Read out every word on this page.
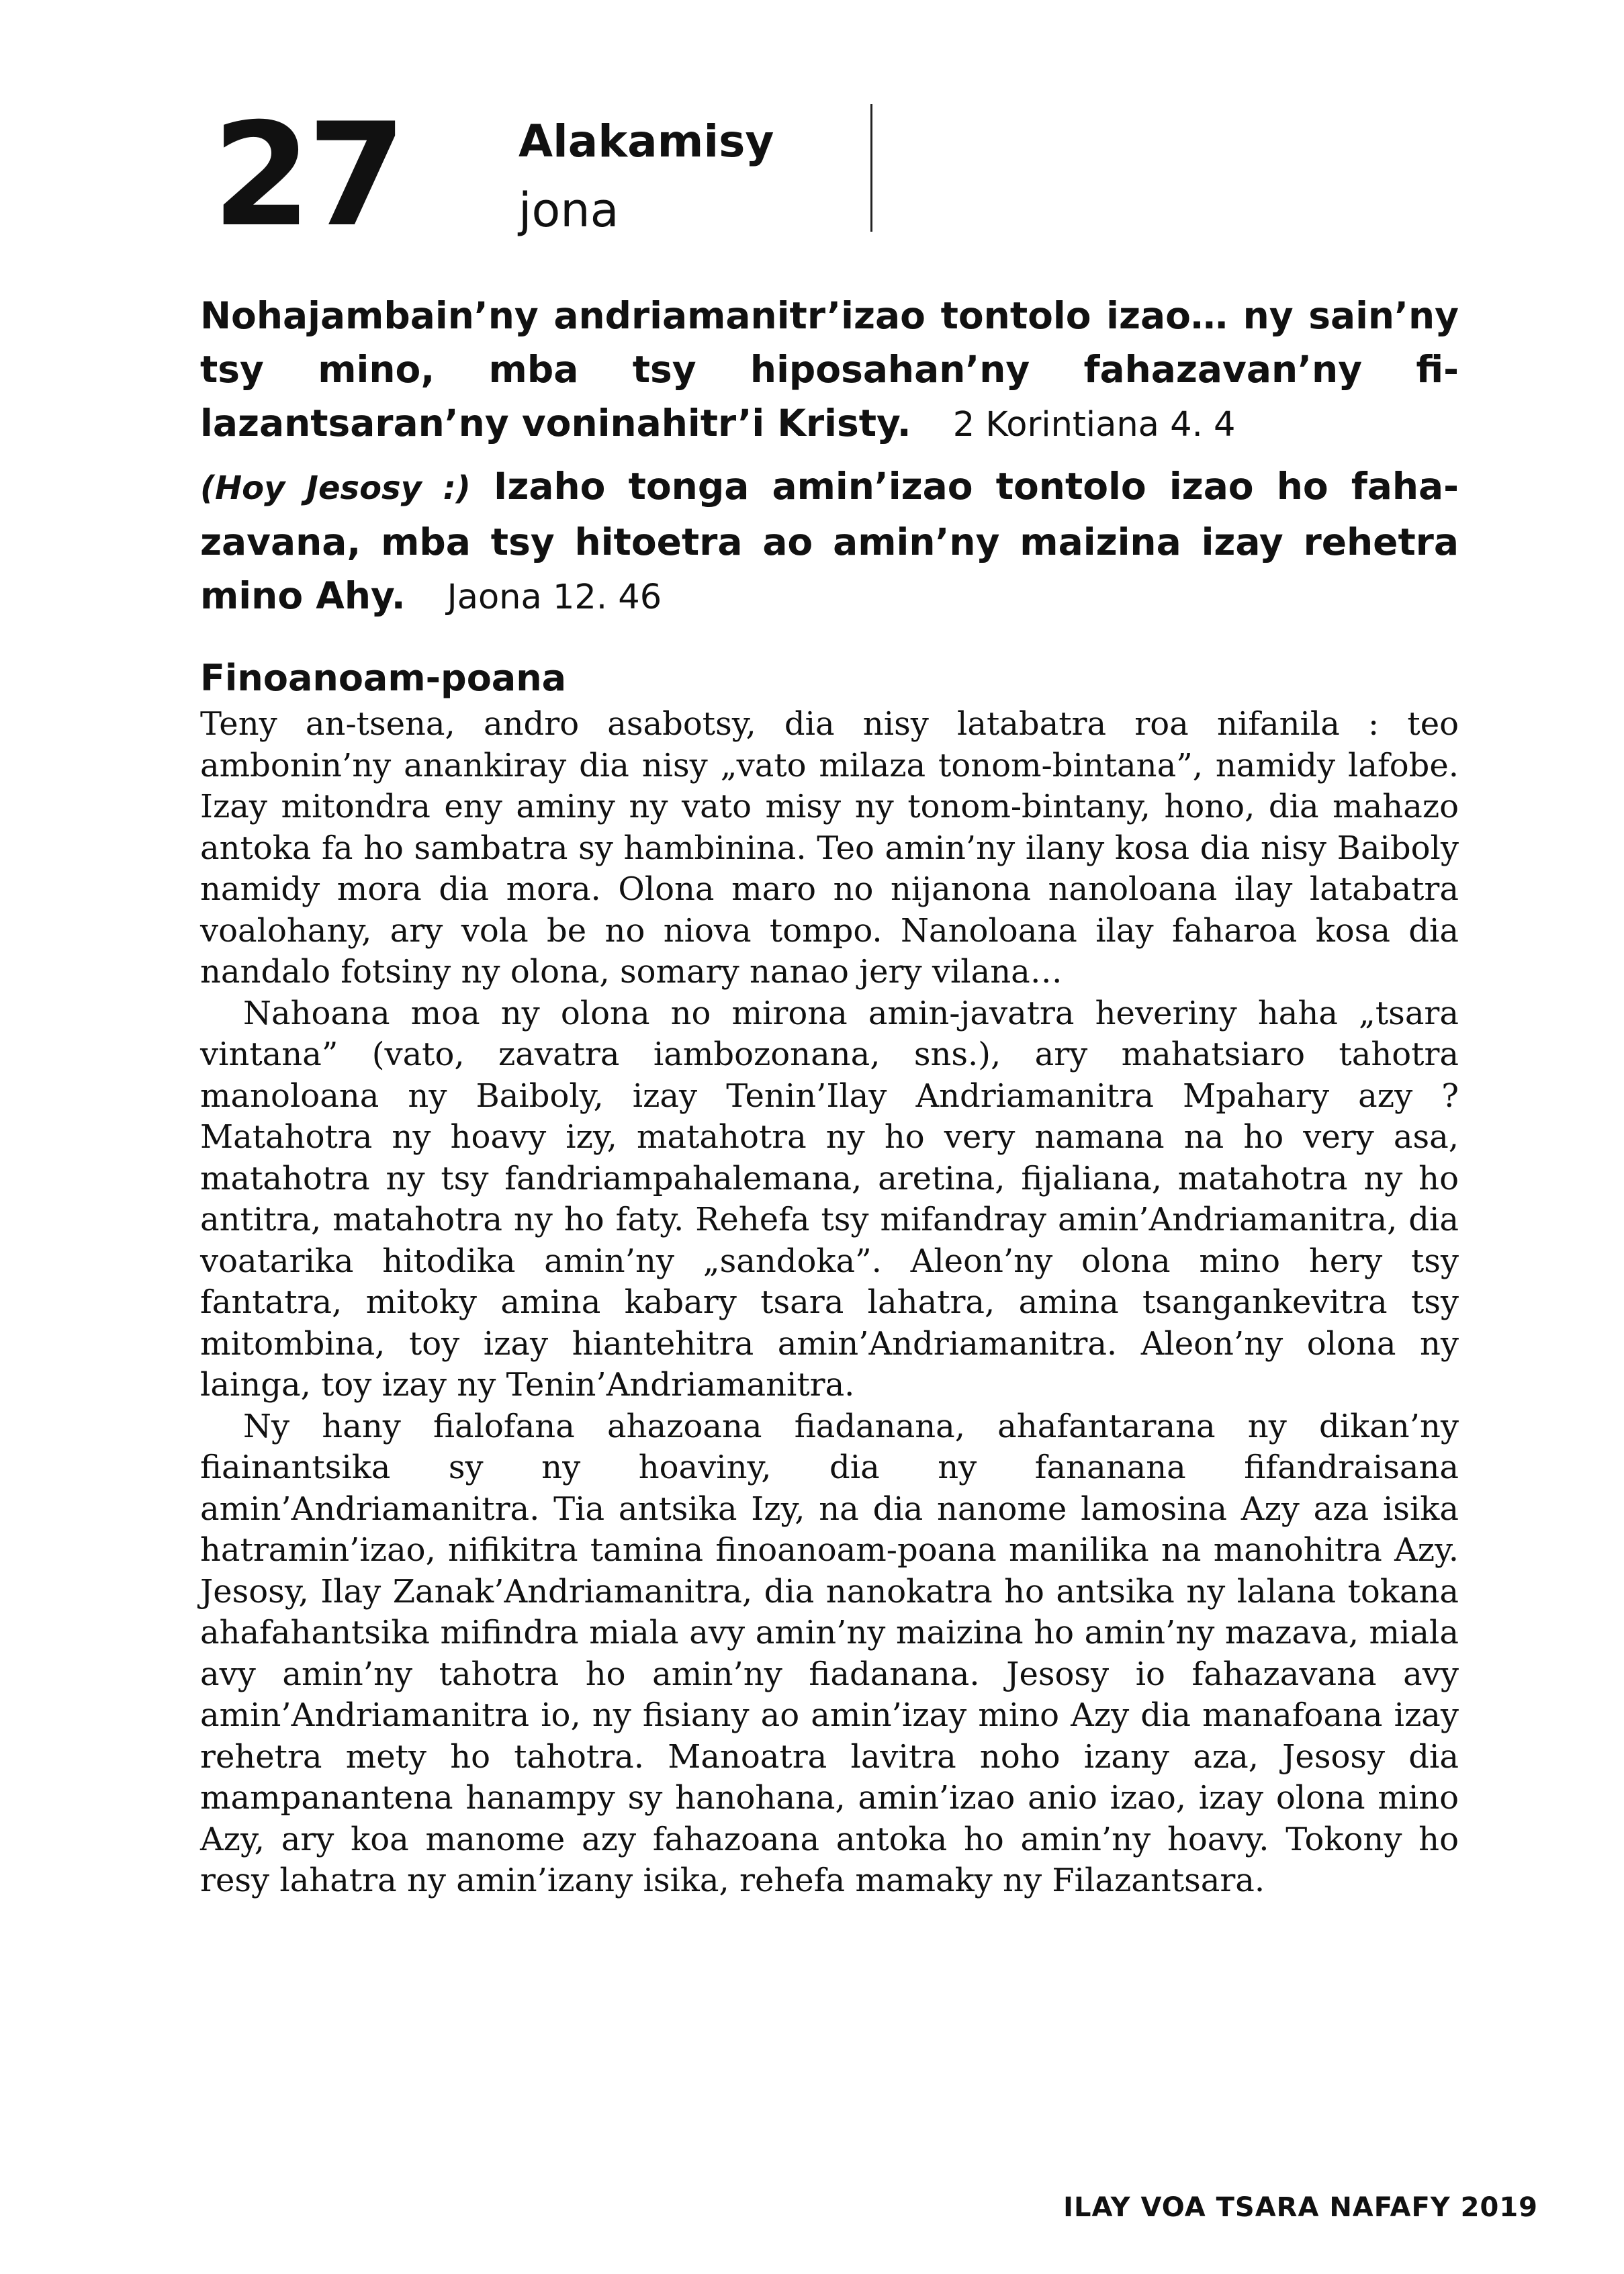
27	Alakamisy
jona
Nohajambain’ny andriamanitr’izao tontolo izao… ny sain’ny tsy mino, mba tsy hiposahan’ny fahazavan’ny filazantsaran’ny voninahitr’i Kristy. 2 Korintiana 4. 4
(Hoy Jesosy :) Izaho tonga amin’izao tontolo izao ho fahazavana, mba tsy hitoetra ao amin’ny maizina izay rehetra mino Ahy. Jaona 12. 46
Finoanoam-poana

Teny an-tsena, andro asabotsy, dia nisy latabatra roa nifanila : teo ambonin’ny anankiray dia nisy „vato milaza tonom-bintana”, namidy lafobe. Izay mitondra eny aminy ny vato misy ny tonom-bintany, hono, dia mahazo antoka fa ho sambatra sy hambinina. Teo amin’ny ilany kosa dia nisy Baiboly namidy mora dia mora. Olona maro no nijanona nanoloana ilay latabatra voalohany, ary vola be no niova tompo. Nanoloana ilay faharoa kosa dia nandalo fotsiny ny olona, somary nanao jery vilana…

Nahoana moa ny olona no mirona amin-javatra heveriny haha „tsara vintana” (vato, zavatra iambozonana, sns.), ary mahatsiaro tahotra manoloana ny Baiboly, izay Tenin’Ilay Andriamanitra Mpahary azy ? Matahotra ny hoavy izy, matahotra ny ho very namana na ho very asa, matahotra ny tsy fandriampahalemana, aretina, fijaliana, matahotra ny ho antitra, matahotra ny ho faty. Rehefa tsy mifandray amin’Andriamanitra, dia voatarika hitodika amin’ny „sandoka”. Aleon’ny olona mino hery tsy fantatra, mitoky amina kabary tsara lahatra, amina tsangankevitra tsy mitombina, toy izay hiantehitra amin’Andriamanitra. Aleon’ny olona ny lainga, toy izay ny Tenin’Andriamanitra.

Ny hany fialofana ahazoana fiadanana, ahafantarana ny dikan’ny fiainantsika sy ny hoaviny, dia ny fananana fifandraisana amin’Andriamanitra. Tia antsika Izy, na dia nanome lamosina Azy aza isika hatramin’izao, nifikitra tamina finoanoam-poana manilika na manohitra Azy. Jesosy, Ilay Zanak’Andriamanitra, dia nanokatra ho antsika ny lalana tokana ahafahantsika mifindra miala avy amin’ny maizina ho amin’ny mazava, miala avy amin’ny tahotra ho amin’ny fiadanana. Jesosy io fahazavana avy amin’Andriamanitra io, ny fisiany ao amin’izay mino Azy dia manafoana izay rehetra mety ho tahotra. Manoatra lavitra noho izany aza, Jesosy dia mampanantena hanampy sy hanohana, amin’izao anio izao, izay olona mino Azy, ary koa manome azy fahazoana antoka ho amin’ny hoavy. Tokony ho resy lahatra ny amin’izany isika, rehefa mamaky ny Filazantsara.

ILAY VOA TSARA NAFAFY 2019
